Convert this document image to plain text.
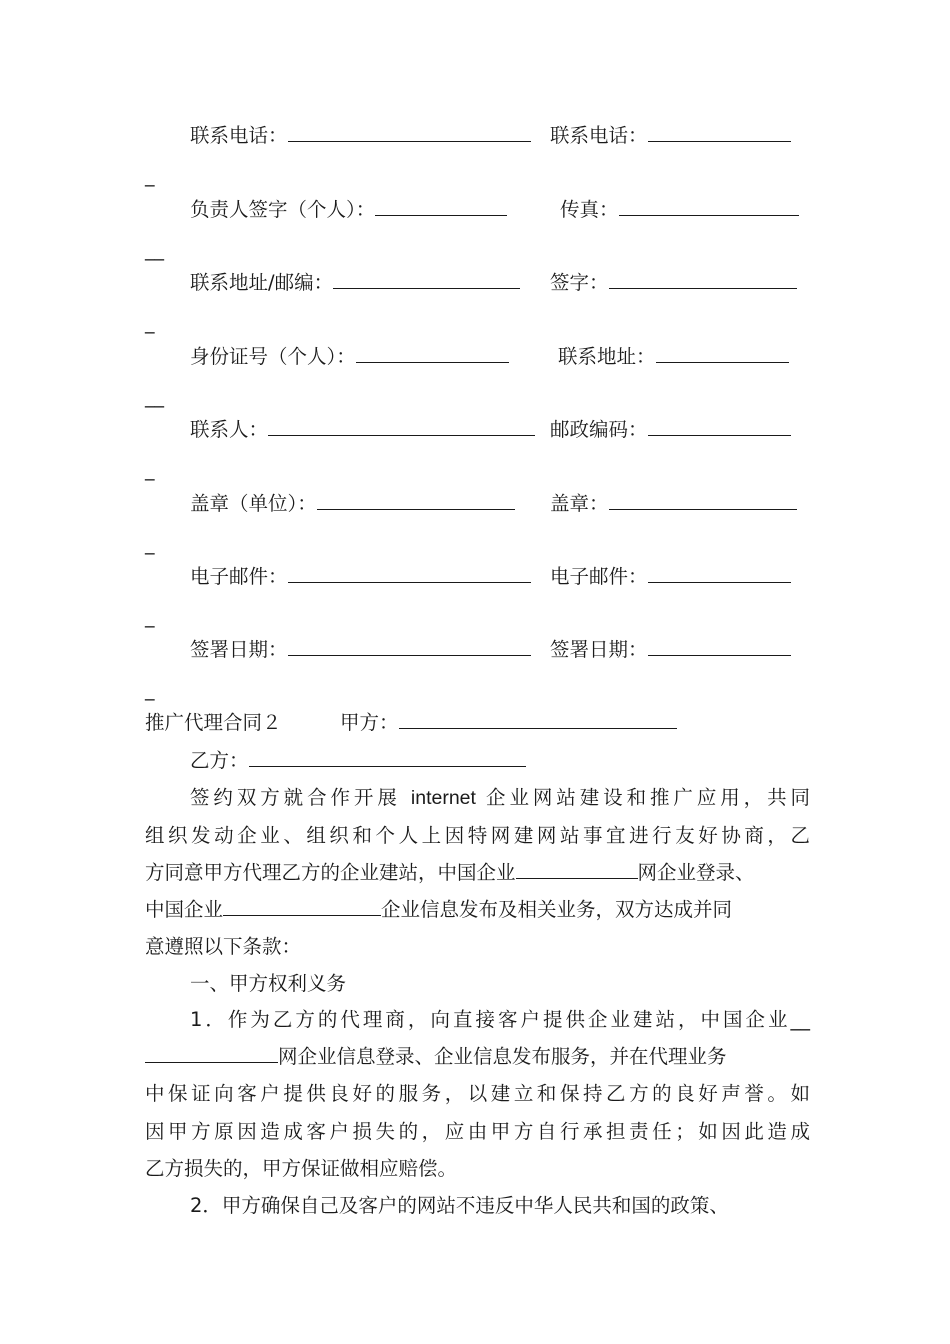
联系电话：	联系电话：
_
负责人签字（个人）：	传真：
__
联系地址/邮编：	签字：
_
身份证号（个人）：	联系地址：
__
联系人：	邮政编码：
_
盖章（单位）：	盖章：
_
电子邮件：	电子邮件：
_
签署日期：	签署日期：
_
推广代理合同２	甲方：
乙方：
签约双方就合作开展 internet 企业网站建设和推广应用，共同
组织发动企业、组织和个人上因特网建网站事宜进行友好协商，乙
方同意甲方代理乙方的企业建站，中国企业	网企业登录、
中国企业	企业信息发布及相关业务，双方达成并同
意遵照以下条款：
一、甲方权利义务
1．作为乙方的代理商，向直接客户提供企业建站，中国企业__
网企业信息登录、企业信息发布服务，并在代理业务
中保证向客户提供良好的服务，以建立和保持乙方的良好声誉。如
因甲方原因造成客户损失的，应由甲方自行承担责任；如因此造成
乙方损失的，甲方保证做相应赔偿。
2．甲方确保自己及客户的网站不违反中华人民共和国的政策、
